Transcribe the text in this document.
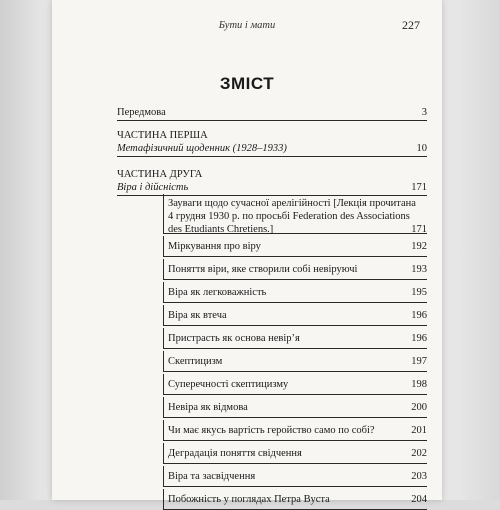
Бути і мати	227
ЗМІСТ
Передмова	3
ЧАСТИНА ПЕРША
Метафізичний щоденник (1928–1933)	10
ЧАСТИНА ДРУГА
Віра і дійсність	171
Зауваги щодо сучасної арелігійності [Лекція прочитана
4 грудня 1930 р. по просьбі Federation des Associations
des Etudiants Chretiens.]	171
Міркування про віру	192
Поняття віри, яке створили собі невіруючі	193
Віра як легковажність	195
Віра як втеча	196
Пристрасть як основа невір’я	196
Скептицизм	197
Суперечності скептицизму	198
Невіра як відмова	200
Чи має якусь вартість геройство само по собі?	201
Деградація поняття свідчення	202
Віра та засвідчення	203
Побожність у поглядах Петра Вуста	204
